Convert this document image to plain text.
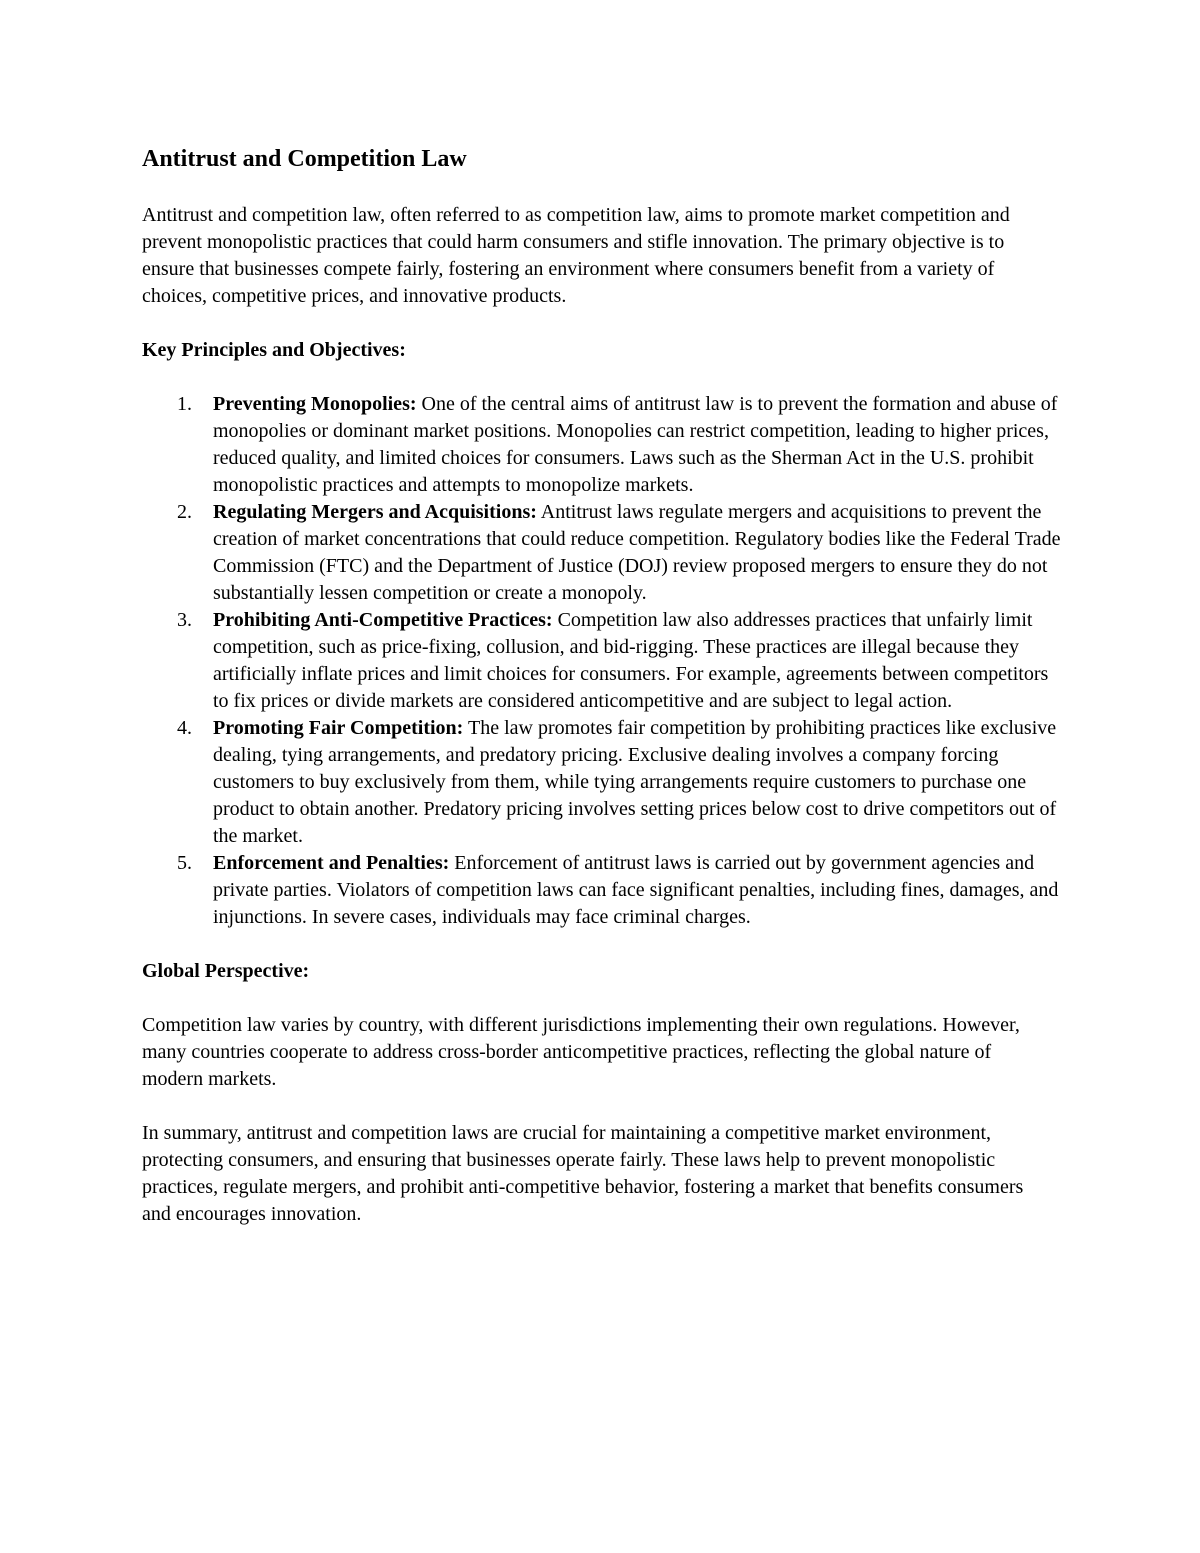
Antitrust and Competition Law

Antitrust and competition law, often referred to as competition law, aims to promote market competition and prevent monopolistic practices that could harm consumers and stifle innovation. The primary objective is to ensure that businesses compete fairly, fostering an environment where consumers benefit from a variety of choices, competitive prices, and innovative products.

Key Principles and Objectives:
1. Preventing Monopolies: One of the central aims of antitrust law is to prevent the formation and abuse of monopolies or dominant market positions. Monopolies can restrict competition, leading to higher prices, reduced quality, and limited choices for consumers. Laws such as the Sherman Act in the U.S. prohibit monopolistic practices and attempts to monopolize markets.
2. Regulating Mergers and Acquisitions: Antitrust laws regulate mergers and acquisitions to prevent the creation of market concentrations that could reduce competition. Regulatory bodies like the Federal Trade Commission (FTC) and the Department of Justice (DOJ) review proposed mergers to ensure they do not substantially lessen competition or create a monopoly.
3. Prohibiting Anti-Competitive Practices: Competition law also addresses practices that unfairly limit competition, such as price-fixing, collusion, and bid-rigging. These practices are illegal because they artificially inflate prices and limit choices for consumers. For example, agreements between competitors to fix prices or divide markets are considered anticompetitive and are subject to legal action.
4. Promoting Fair Competition: The law promotes fair competition by prohibiting practices like exclusive dealing, tying arrangements, and predatory pricing. Exclusive dealing involves a company forcing customers to buy exclusively from them, while tying arrangements require customers to purchase one product to obtain another. Predatory pricing involves setting prices below cost to drive competitors out of the market.
5. Enforcement and Penalties: Enforcement of antitrust laws is carried out by government agencies and private parties. Violators of competition laws can face significant penalties, including fines, damages, and injunctions. In severe cases, individuals may face criminal charges.
Global Perspective:

Competition law varies by country, with different jurisdictions implementing their own regulations. However, many countries cooperate to address cross-border anticompetitive practices, reflecting the global nature of modern markets.

In summary, antitrust and competition laws are crucial for maintaining a competitive market environment, protecting consumers, and ensuring that businesses operate fairly. These laws help to prevent monopolistic practices, regulate mergers, and prohibit anti-competitive behavior, fostering a market that benefits consumers and encourages innovation.
